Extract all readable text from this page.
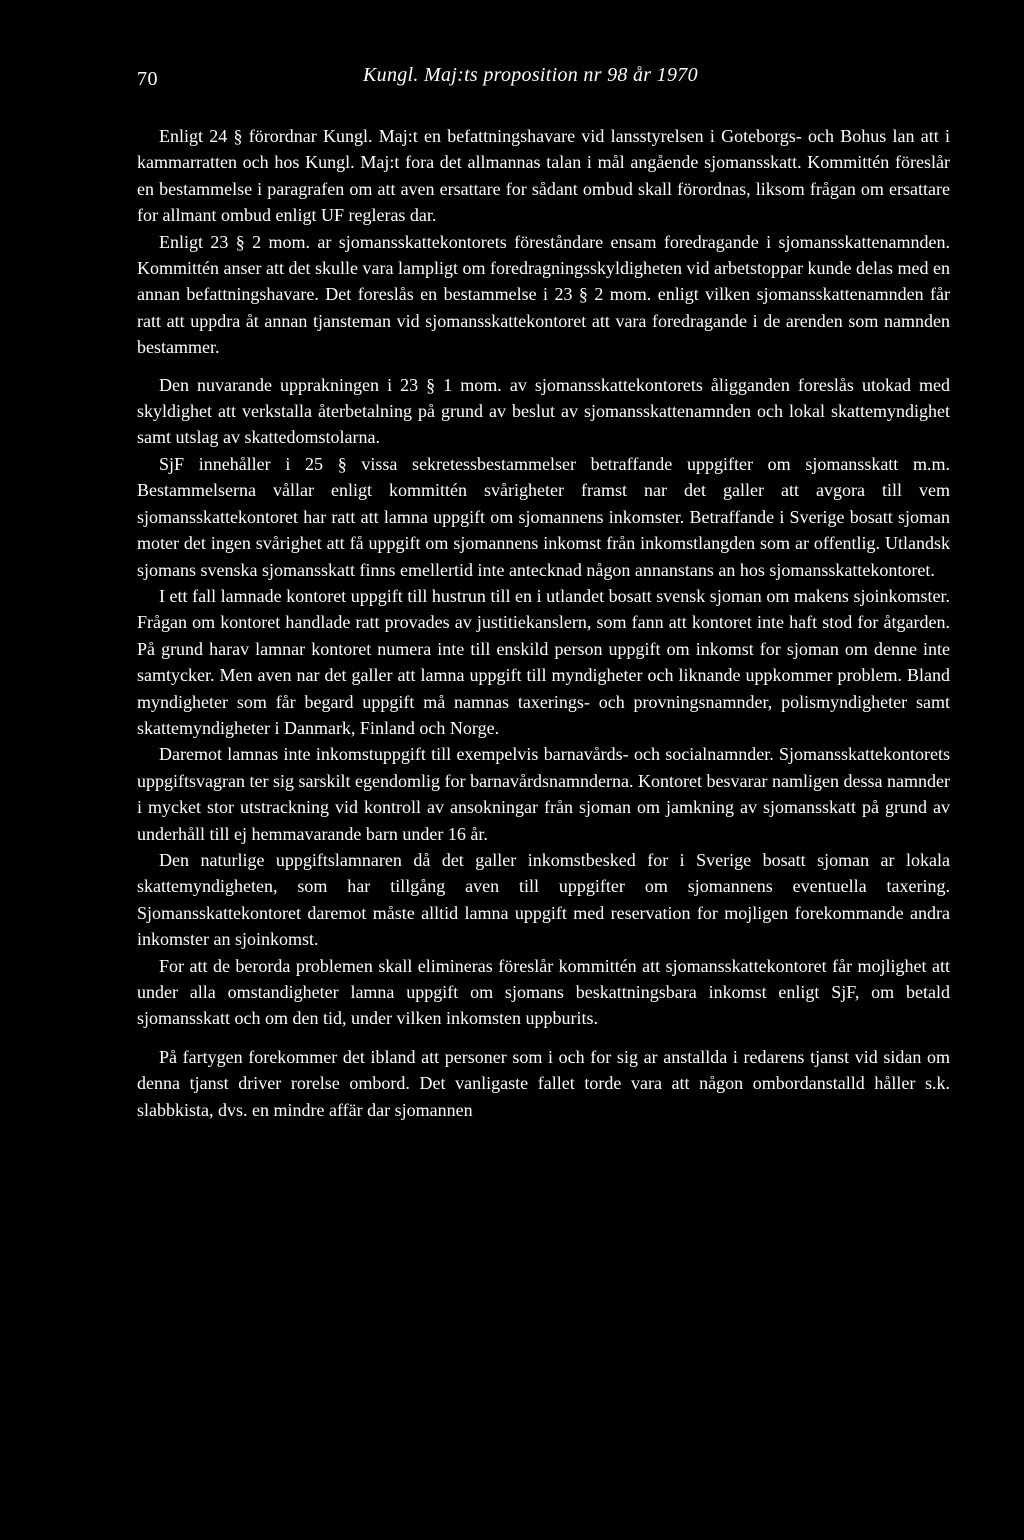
70	Kungl. Maj:ts proposition nr 98 år 1970

Enligt 24 § förordnar Kungl. Maj:t en befattningshavare vid lansstyrelsen i Goteborgs- och Bohus lan att i kammarratten och hos Kungl. Maj:t fora det allmannas talan i mål angående sjomansskatt. Kommittén föreslår en bestammelse i paragrafen om att aven ersattare for sådant ombud skall förordnas, liksom frågan om ersattare for allmant ombud enligt UF regleras dar.

Enligt 23 § 2 mom. ar sjomansskattekontorets föreståndare ensam foredragande i sjomansskattenamnden. Kommittén anser att det skulle vara lampligt om foredragningsskyldigheten vid arbetstoppar kunde delas med en annan befattningshavare. Det foreslås en bestammelse i 23 § 2 mom. enligt vilken sjomansskattenamnden får ratt att uppdra åt annan tjansteman vid sjomansskattekontoret att vara foredragande i de arenden som namnden bestammer.

Den nuvarande upprakningen i 23 § 1 mom. av sjomansskattekontorets åligganden foreslås utokad med skyldighet att verkstalla återbetalning på grund av beslut av sjomansskattenamnden och lokal skattemyndighet samt utslag av skattedomstolarna.

SjF innehåller i 25 § vissa sekretessbestammelser betraffande uppgifter om sjomansskatt m.m. Bestammelserna vållar enligt kommittén svårigheter framst nar det galler att avgora till vem sjomansskattekontoret har ratt att lamna uppgift om sjomannens inkomster. Betraffande i Sverige bosatt sjoman moter det ingen svårighet att få uppgift om sjomannens inkomst från inkomstlangden som ar offentlig. Utlandsk sjomans svenska sjomansskatt finns emellertid inte antecknad någon annanstans an hos sjomansskattekontoret.

I ett fall lamnade kontoret uppgift till hustrun till en i utlandet bosatt svensk sjoman om makens sjoinkomster. Frågan om kontoret handlade ratt provades av justitiekanslern, som fann att kontoret inte haft stod for åtgarden. På grund harav lamnar kontoret numera inte till enskild person uppgift om inkomst for sjoman om denne inte samtycker. Men aven nar det galler att lamna uppgift till myndigheter och liknande uppkommer problem. Bland myndigheter som får begard uppgift må namnas taxerings- och provningsnamnder, polismyndigheter samt skattemyndigheter i Danmark, Finland och Norge.

Daremot lamnas inte inkomstuppgift till exempelvis barnavårds- och socialnamnder. Sjomansskattekontorets uppgiftsvagran ter sig sarskilt egendomlig for barnavårdsnamnderna. Kontoret besvarar namligen dessa namnder i mycket stor utstrackning vid kontroll av ansokningar från sjoman om jamkning av sjomansskatt på grund av underhåll till ej hemmavarande barn under 16 år.

Den naturlige uppgiftslamnaren då det galler inkomstbesked for i Sverige bosatt sjoman ar lokala skattemyndigheten, som har tillgång aven till uppgifter om sjomannens eventuella taxering. Sjomansskattekontoret daremot måste alltid lamna uppgift med reservation for mojligen forekommande andra inkomster an sjoinkomst.

For att de berorda problemen skall elimineras föreslår kommittén att sjomansskattekontoret får mojlighet att under alla omstandigheter lamna uppgift om sjomans beskattningsbara inkomst enligt SjF, om betald sjomansskatt och om den tid, under vilken inkomsten uppburits.

På fartygen forekommer det ibland att personer som i och for sig ar anstallda i redarens tjanst vid sidan om denna tjanst driver rorelse ombord. Det vanligaste fallet torde vara att någon ombordanstalld håller s.k. slabbkista, dvs. en mindre affär dar sjomannen
